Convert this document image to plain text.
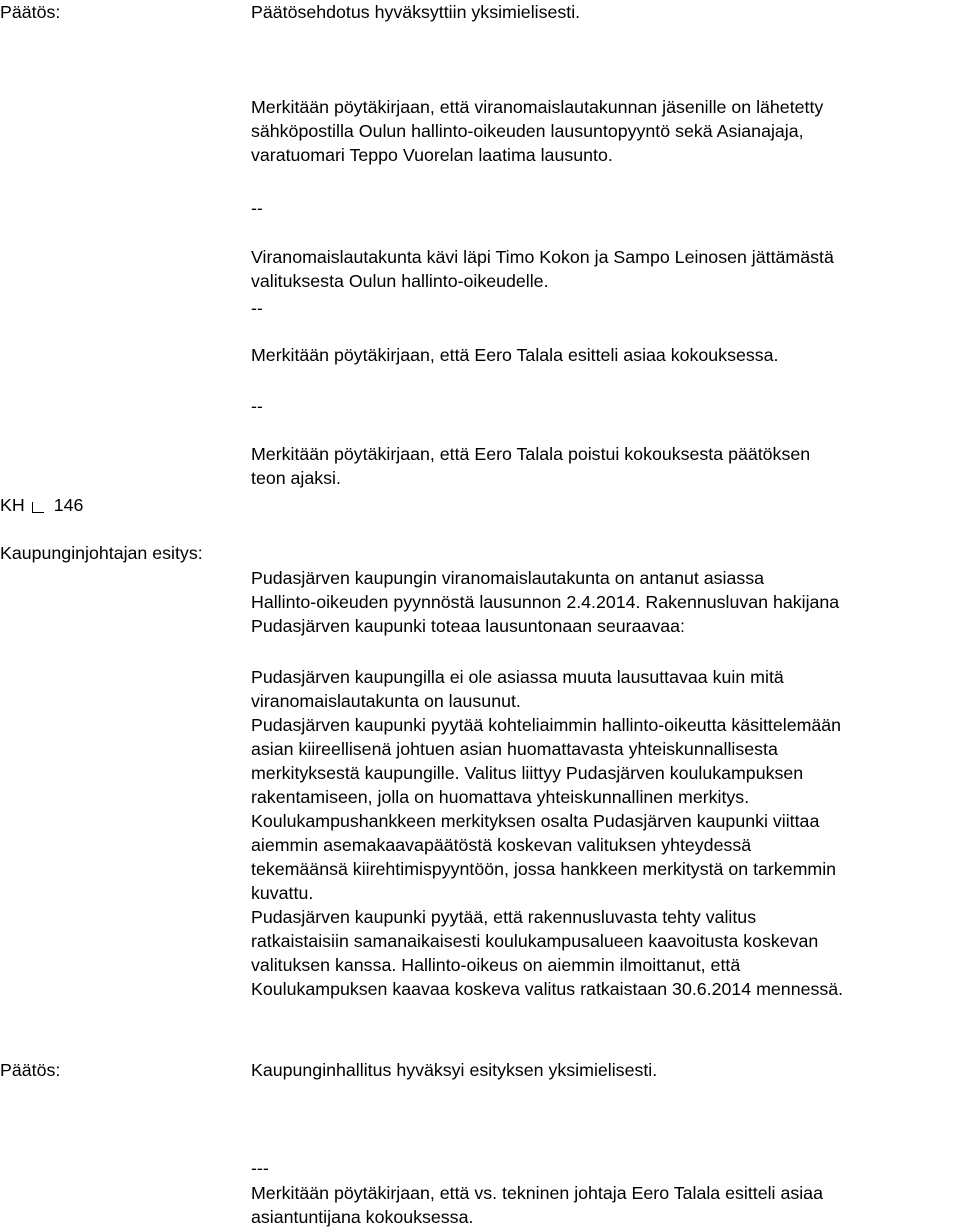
Päätös:	Päätösehdotus hyväksyttiin yksimielisesti.
Merkitään pöytäkirjaan, että viranomaislautakunnan jäsenille on lähetetty
sähköpostilla Oulun hallinto-oikeuden lausuntopyyntö sekä Asianajaja,
varatuomari Teppo Vuorelan laatima lausunto.
--
Viranomaislautakunta kävi läpi Timo Kokon ja Sampo Leinosen jättämästä
valituksesta Oulun hallinto-oikeudelle.
--
Merkitään pöytäkirjaan, että Eero Talala esitteli asiaa kokouksessa.
--
Merkitään pöytäkirjaan, että Eero Talala poistui kokouksesta päätöksen
teon ajaksi.
KH 146
Kaupunginjohtajan esitys:
Pudasjärven kaupungin viranomaislautakunta on antanut asiassa
Hallinto-oikeuden pyynnöstä lausunnon 2.4.2014. Rakennusluvan hakijana
Pudasjärven kaupunki toteaa lausuntonaan seuraavaa:
Pudasjärven kaupungilla ei ole asiassa muuta lausuttavaa kuin mitä
viranomaislautakunta on lausunut.
Pudasjärven kaupunki pyytää kohteliaimmin hallinto-oikeutta käsittelemään
asian kiireellisenä johtuen asian huomattavasta yhteiskunnallisesta
merkityksestä kaupungille. Valitus liittyy Pudasjärven koulukampuksen
rakentamiseen, jolla on huomattava yhteiskunnallinen merkitys.
Koulukampushankkeen merkityksen osalta Pudasjärven kaupunki viittaa
aiemmin asemakaavapäätöstä koskevan valituksen yhteydessä
tekemäänsä kiirehtimispyyntöön, jossa hankkeen merkitystä on tarkemmin
kuvattu.
Pudasjärven kaupunki pyytää, että rakennusluvasta tehty valitus
ratkaistaisiin samanaikaisesti koulukampusalueen kaavoitusta koskevan
valituksen kanssa. Hallinto-oikeus on aiemmin ilmoittanut, että
Koulukampuksen kaavaa koskeva valitus ratkaistaan 30.6.2014 mennessä.
Päätös:	Kaupunginhallitus hyväksyi esityksen yksimielisesti.
---
Merkitään pöytäkirjaan, että vs. tekninen johtaja Eero Talala esitteli asiaa
asiantuntijana kokouksessa.
